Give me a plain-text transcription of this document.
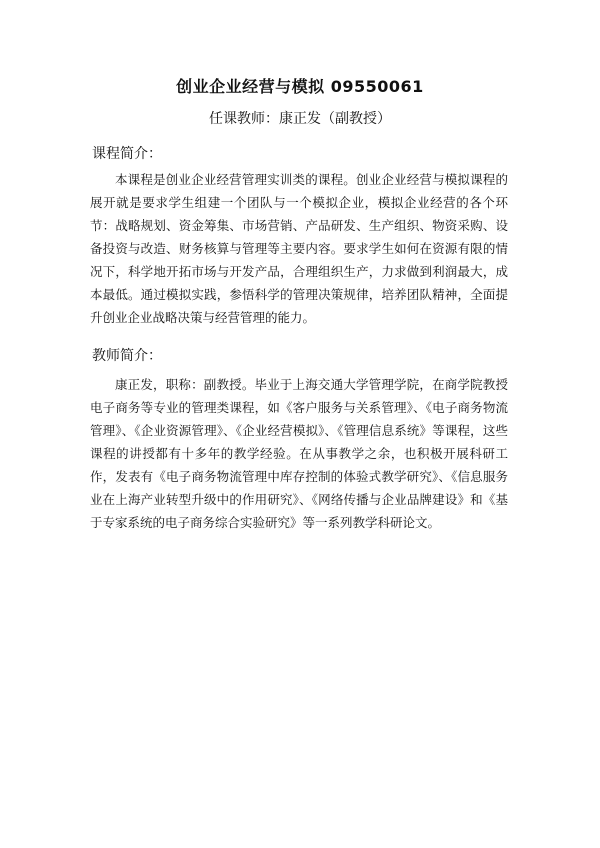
创业企业经营与模拟 09550061
任课教师：康正发（副教授）
课程简介：
本课程是创业企业经营管理实训类的课程。创业企业经营与模拟课程的展开就是要求学生组建一个团队与一个模拟企业，模拟企业经营的各个环节：战略规划、资金筹集、市场营销、产品研发、生产组织、物资采购、设备投资与改造、财务核算与管理等主要内容。要求学生如何在资源有限的情况下，科学地开拓市场与开发产品，合理组织生产，力求做到利润最大，成本最低。通过模拟实践，参悟科学的管理决策规律，培养团队精神，全面提升创业企业战略决策与经营管理的能力。
教师简介：
康正发，职称：副教授。毕业于上海交通大学管理学院，在商学院教授电子商务等专业的管理类课程，如《客户服务与关系管理》、《电子商务物流管理》、《企业资源管理》、《企业经营模拟》、《管理信息系统》等课程，这些课程的讲授都有十多年的教学经验。在从事教学之余，也积极开展科研工作，发表有《电子商务物流管理中库存控制的体验式教学研究》、《信息服务业在上海产业转型升级中的作用研究》、《网络传播与企业品牌建设》和《基于专家系统的电子商务综合实验研究》等一系列教学科研论文。
